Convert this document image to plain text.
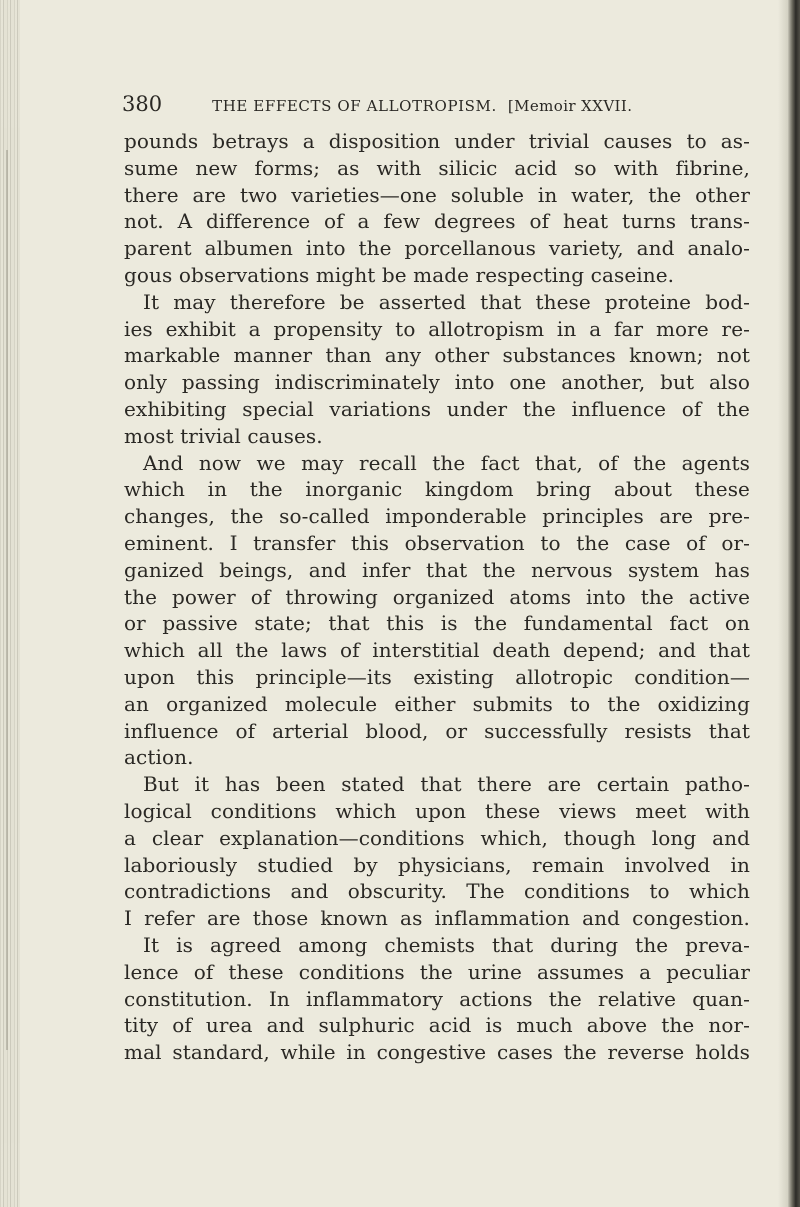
380	THE EFFECTS OF ALLOTROPISM. [Memoir XXVII.
pounds betrays a disposition under trivial causes to as-
sume new forms; as with silicic acid so with fibrine,
there are two varieties—one soluble in water, the other
not. A difference of a few degrees of heat turns trans-
parent albumen into the porcellanous variety, and analo-
gous observations might be made respecting caseine.
It may therefore be asserted that these proteine bod-
ies exhibit a propensity to allotropism in a far more re-
markable manner than any other substances known; not
only passing indiscriminately into one another, but also
exhibiting special variations under the influence of the
most trivial causes.
And now we may recall the fact that, of the agents
which in the inorganic kingdom bring about these
changes, the so-called imponderable principles are pre-
eminent. I transfer this observation to the case of or-
ganized beings, and infer that the nervous system has
the power of throwing organized atoms into the active
or passive state; that this is the fundamental fact on
which all the laws of interstitial death depend; and that
upon this principle—its existing allotropic condition—
an organized molecule either submits to the oxidizing
influence of arterial blood, or successfully resists that
action.
But it has been stated that there are certain patho-
logical conditions which upon these views meet with
a clear explanation—conditions which, though long and
laboriously studied by physicians, remain involved in
contradictions and obscurity. The conditions to which
I refer are those known as inflammation and congestion.
It is agreed among chemists that during the preva-
lence of these conditions the urine assumes a peculiar
constitution. In inflammatory actions the relative quan-
tity of urea and sulphuric acid is much above the nor-
mal standard, while in congestive cases the reverse holds
